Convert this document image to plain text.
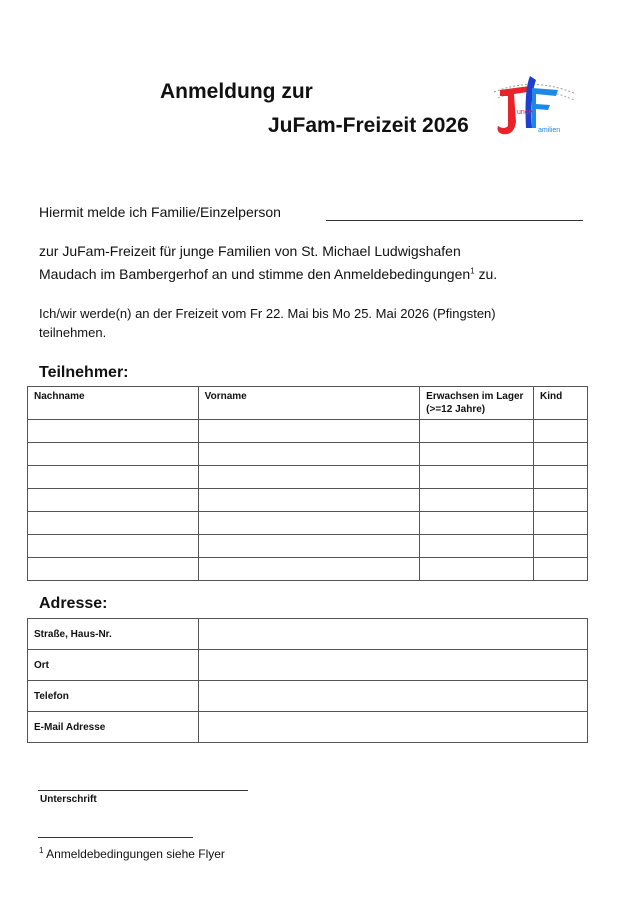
Anmeldung zur
JuFam-Freizeit 2026
unge
amilien
Hiermit melde ich Familie/Einzelperson
zur JuFam-Freizeit für junge Familien von St. Michael Ludwigshafen
Maudach im Bambergerhof an und stimme den Anmeldebedingungen$^1$ zu.
Ich/wir werde(n) an der Freizeit vom Fr 22. Mai bis Mo 25. Mai 2026 (Pfingsten)
teilnehmen.
Teilnehmer:
Nachname	Vorname	Erwachsen im Lager (>=12 Jahre)	Kind

Adresse:
Straße, Haus-Nr.	

Ort	

Telefon	

E-Mail Adresse	

Unterschrift
$^1$ Anmeldebedingungen siehe Flyer
